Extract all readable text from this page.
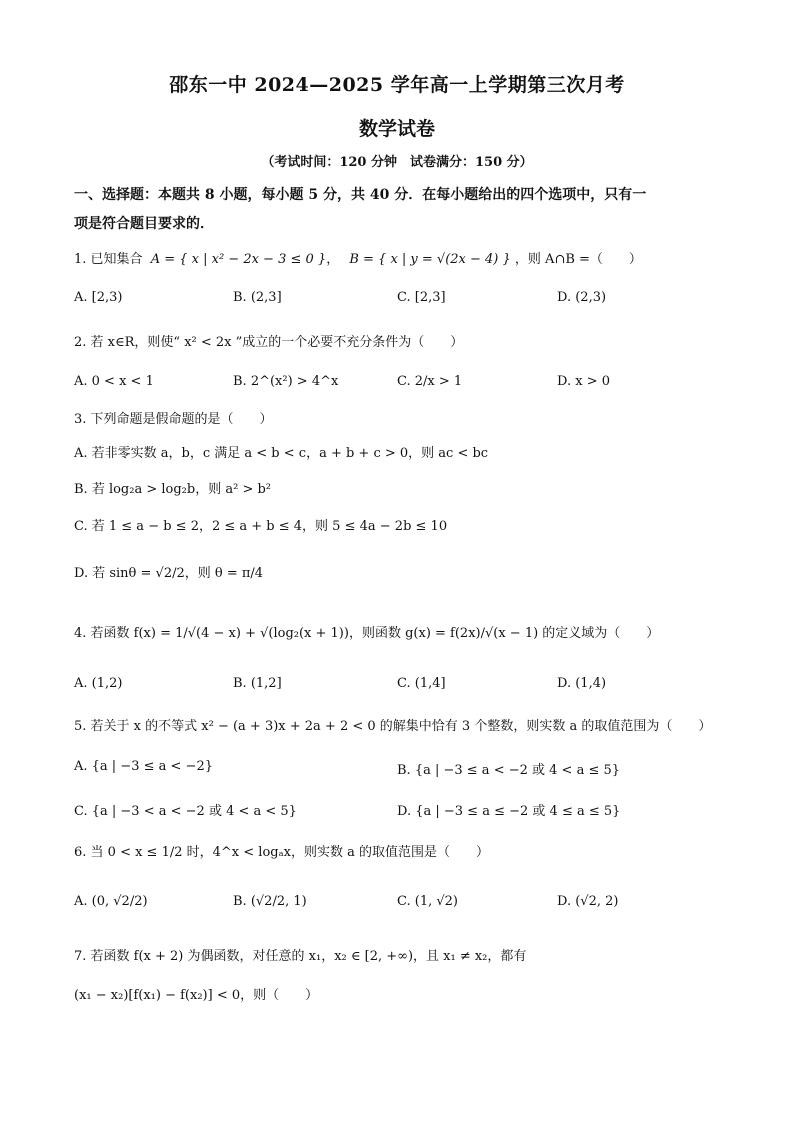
邵东一中 2024—2025 学年高一上学期第三次月考
数学试卷
（考试时间：120 分钟　试卷满分：150 分）
一、选择题：本题共 8 小题，每小题 5 分，共 40 分．在每小题给出的四个选项中，只有一
项是符合题目要求的．
1. 已知集合 A = { x | x² − 2x − 3 ≤ 0 }， B = { x | y = √(2x − 4) } ，则 A∩B =（　　）
A. [2,3)	B. (2,3]	C. [2,3]	D. (2,3)
2. 若 x∈R，则使“ x² < 2x ”成立的一个必要不充分条件为（　　）
A. 0 < x < 1	B. 2^(x²) > 4^x	C. 2/x > 1	D. x > 0
3. 下列命题是假命题的是（　　）
A. 若非零实数 a，b，c 满足 a < b < c，a + b + c > 0，则 ac < bc
B. 若 log₂a > log₂b，则 a² > b²
C. 若 1 ≤ a − b ≤ 2，2 ≤ a + b ≤ 4，则 5 ≤ 4a − 2b ≤ 10
D. 若 sinθ = √2/2，则 θ = π/4
4. 若函数 f(x) = 1/√(4 − x) + √(log₂(x + 1))，则函数 g(x) = f(2x)/√(x − 1) 的定义域为（　　）
A. (1,2)	B. (1,2]	C. (1,4]	D. (1,4)
5. 若关于 x 的不等式 x² − (a + 3)x + 2a + 2 < 0 的解集中恰有 3 个整数，则实数 a 的取值范围为（　　）
A. {a | −3 ≤ a < −2}	B. {a | −3 ≤ a < −2 或 4 < a ≤ 5}
C. {a | −3 < a < −2 或 4 < a < 5}	D. {a | −3 ≤ a ≤ −2 或 4 ≤ a ≤ 5}
6. 当 0 < x ≤ 1/2 时，4^x < logₐx，则实数 a 的取值范围是（　　）
A. (0, √2/2)	B. (√2/2, 1)	C. (1, √2)	D. (√2, 2)
7. 若函数 f(x + 2) 为偶函数，对任意的 x₁，x₂ ∈ [2, +∞)，且 x₁ ≠ x₂，都有
(x₁ − x₂)[f(x₁) − f(x₂)] < 0，则（　　）
